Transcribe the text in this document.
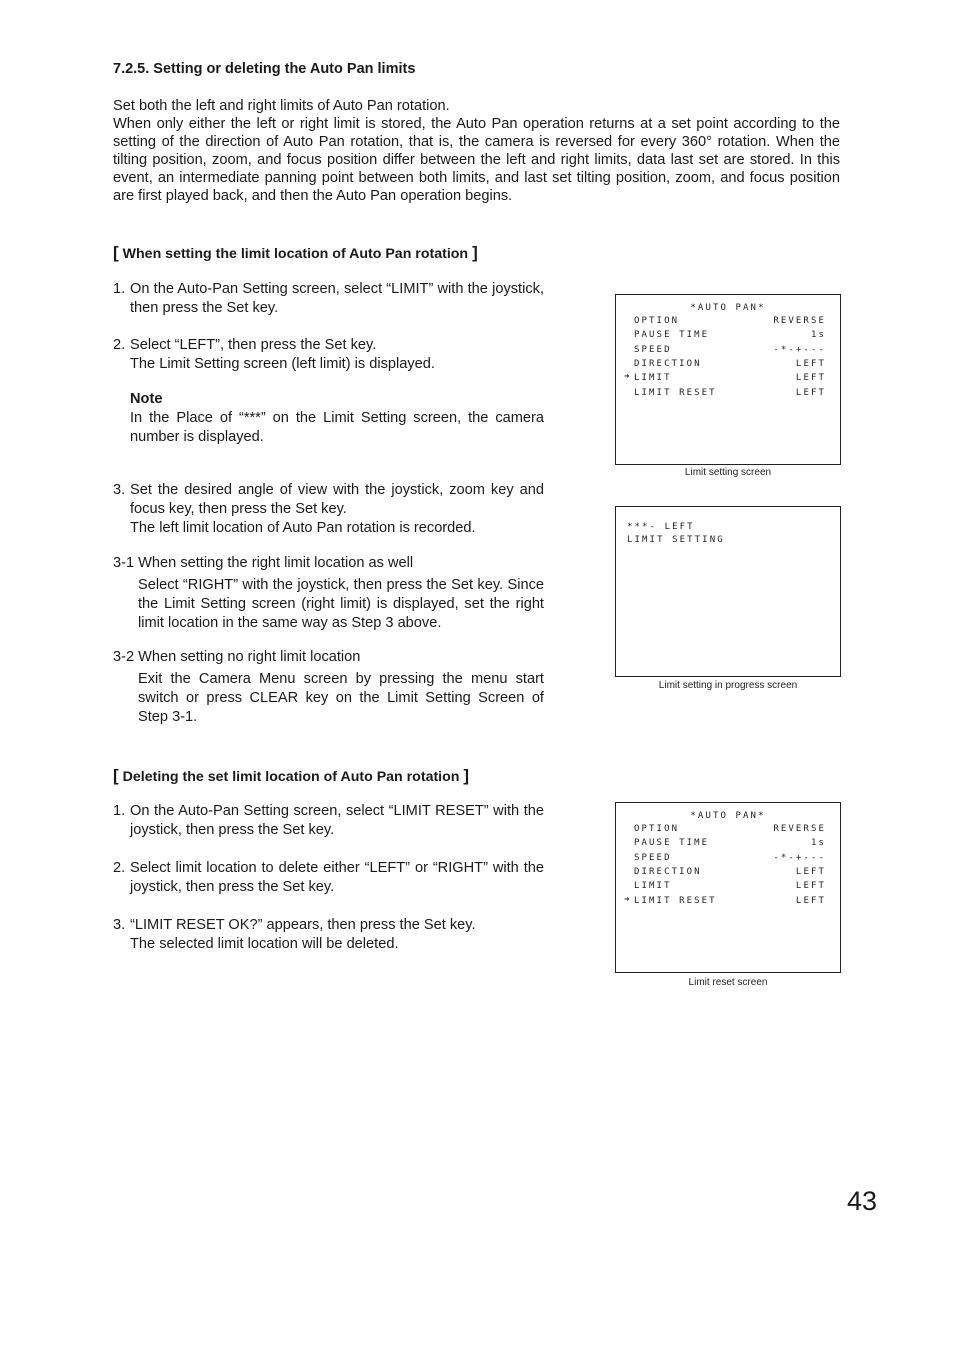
7.2.5. Setting or deleting the Auto Pan limits

Set both the left and right limits of Auto Pan rotation.

When only either the left or right limit is stored, the Auto Pan operation returns at a set point according to the setting of the direction of Auto Pan rotation, that is, the camera is reversed for every 360° rotation. When the tilting position, zoom, and focus position differ between the left and right limits, data last set are stored. In this event, an intermediate panning point between both limits, and last set tilting position, zoom, and focus position are first played back, and then the Auto Pan operation begins.

[ When setting the limit location of Auto Pan rotation ]
1. On the Auto-Pan Setting screen, select “LIMIT” with the joystick, then press the Set key.
2. Select “LEFT”, then press the Set key.
The Limit Setting screen (left limit) is displayed.
Note
In the Place of “***” on the Limit Setting screen, the camera number is displayed.
3. Set the desired angle of view with the joystick, zoom key and focus key, then press the Set key.
The left limit location of Auto Pan rotation is recorded.
3-1 When setting the right limit location as well
Select “RIGHT” with the joystick, then press the Set key. Since the Limit Setting screen (right limit) is displayed, set the right limit location in the same way as Step 3 above.
3-2 When setting no right limit location
Exit the Camera Menu screen by pressing the menu start switch or press CLEAR key on the Limit Setting Screen of Step 3-1.
[ Deleting the set limit location of Auto Pan rotation ]
1. On the Auto-Pan Setting screen, select “LIMIT RESET” with the joystick, then press the Set key.
2. Select limit location to delete either “LEFT” or “RIGHT” with the joystick, then press the Set key.
3. “LIMIT RESET OK?” appears, then press the Set key.
The selected limit location will be deleted.
*AUTO PAN*
OPTION	REVERSE
PAUSE TIME	1s
SPEED	-*-+---
DIRECTION	LEFT
➜ LIMIT	LEFT
LIMIT RESET	LEFT
Limit setting screen
***- LEFT
LIMIT SETTING
Limit setting in progress screen
*AUTO PAN*
OPTION	REVERSE
PAUSE TIME	1s
SPEED	-*-+---
DIRECTION	LEFT
LIMIT	LEFT
➜ LIMIT RESET	LEFT
Limit reset screen
43
